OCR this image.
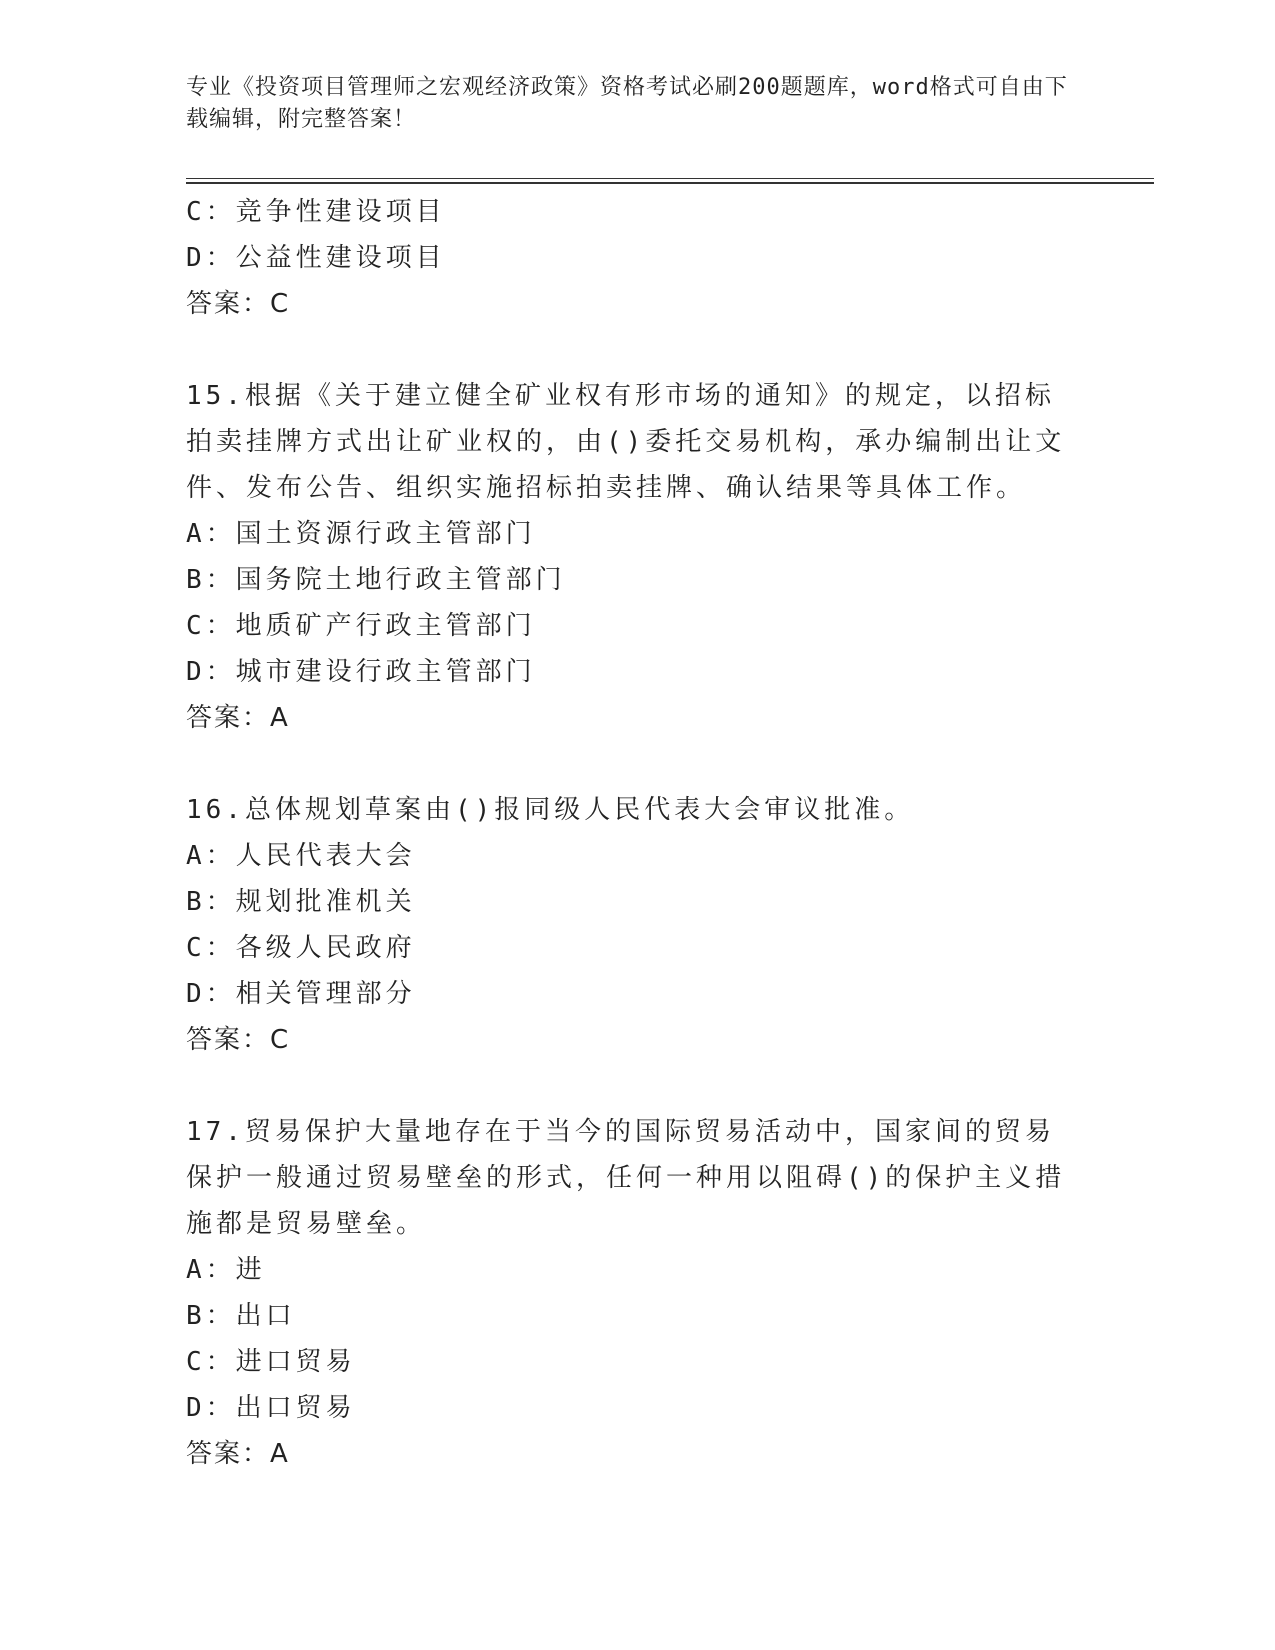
专业《投资项目管理师之宏观经济政策》资格考试必刷200题题库，word格式可自由下载编辑，附完整答案！
C：竞争性建设项目
D：公益性建设项目
答案：C
15.根据《关于建立健全矿业权有形市场的通知》的规定，以招标拍卖挂牌方式出让矿业权的，由()委托交易机构，承办编制出让文件、发布公告、组织实施招标拍卖挂牌、确认结果等具体工作。
A：国土资源行政主管部门
B：国务院土地行政主管部门
C：地质矿产行政主管部门
D：城市建设行政主管部门
答案：A
16.总体规划草案由()报同级人民代表大会审议批准。
A：人民代表大会
B：规划批准机关
C：各级人民政府
D：相关管理部分
答案：C
17.贸易保护大量地存在于当今的国际贸易活动中，国家间的贸易保护一般通过贸易壁垒的形式，任何一种用以阻碍()的保护主义措施都是贸易壁垒。
A：进
B：出口
C：进口贸易
D：出口贸易
答案：A
